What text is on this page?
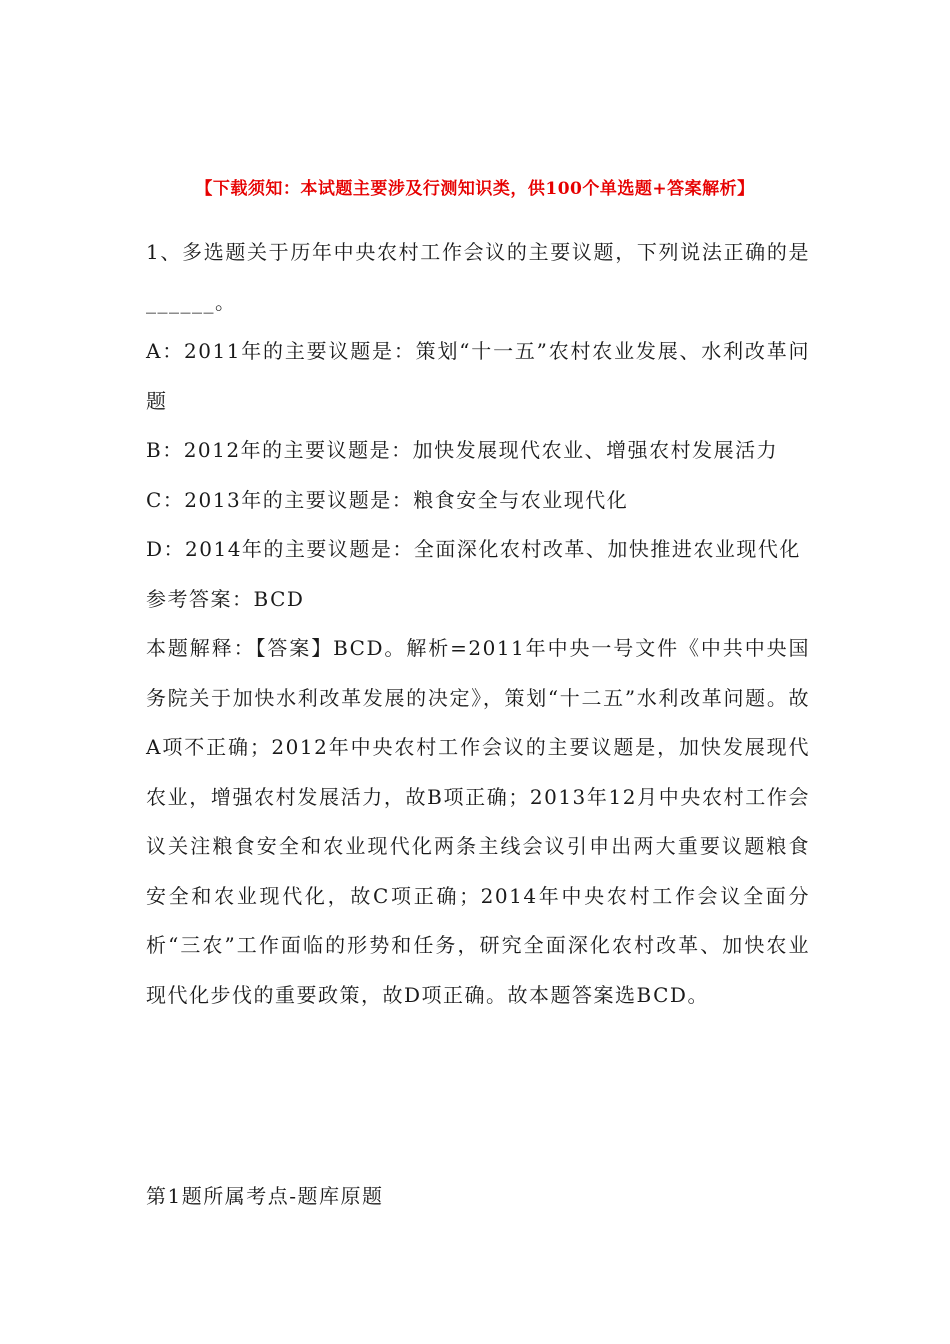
【下载须知：本试题主要涉及行测知识类，供100个单选题+答案解析】

1、多选题关于历年中央农村工作会议的主要议题，下列说法正确的是______。

A：2011年的主要议题是：策划“十一五”农村农业发展、水利改革问题

B：2012年的主要议题是：加快发展现代农业、增强农村发展活力

C：2013年的主要议题是：粮食安全与农业现代化

D：2014年的主要议题是：全面深化农村改革、加快推进农业现代化

参考答案：BCD

本题解释：【答案】BCD。解析=2011年中央一号文件《中共中央国务院关于加快水利改革发展的决定》，策划“十二五”水利改革问题。故A项不正确；2012年中央农村工作会议的主要议题是，加快发展现代农业，增强农村发展活力，故B项正确；2013年12月中央农村工作会议关注粮食安全和农业现代化两条主线会议引申出两大重要议题粮食安全和农业现代化，故C项正确；2014年中央农村工作会议全面分析“三农”工作面临的形势和任务，研究全面深化农村改革、加快农业现代化步伐的重要政策，故D项正确。故本题答案选BCD。

第1题所属考点-题库原题
